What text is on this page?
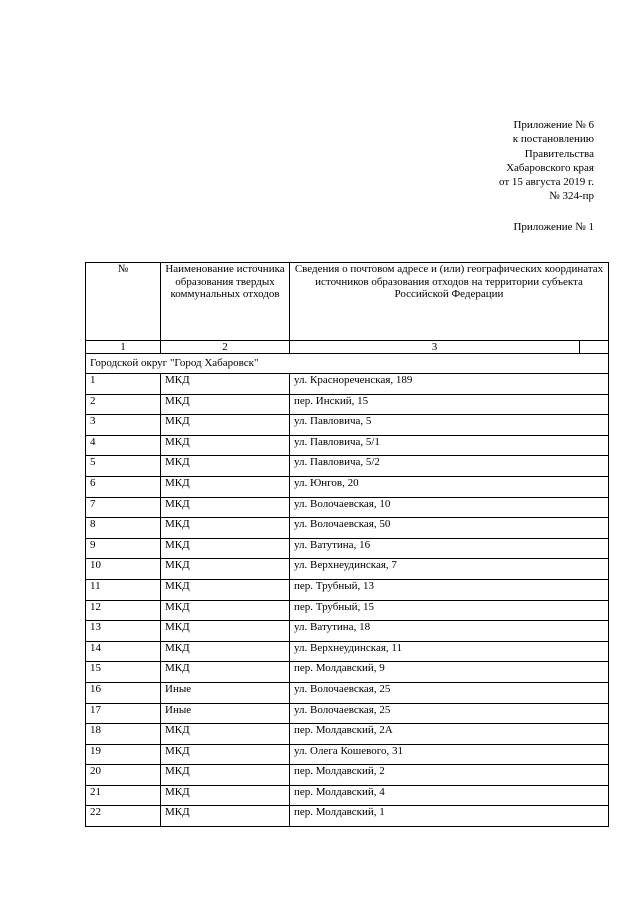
Приложение № 6
к постановлению
Правительства
Хабаровского края
от 15 августа 2019 г.
№ 324-пр
Приложение № 1
№	Наименование источника образования твердых коммунальных отходов	Сведения о почтовом адресе и (или) географических координатах источников образования отходов на территории субъекта Российской Федерации	
1	2	3	
Городской округ "Город Хабаровск"			
1	МКД	ул. Краснореченская, 189	
2	МКД	пер. Инский, 15	
3	МКД	ул. Павловича, 5	
4	МКД	ул. Павловича, 5/1	
5	МКД	ул. Павловича, 5/2	
6	МКД	ул. Юнгов, 20	
7	МКД	ул. Волочаевская, 10	
8	МКД	ул. Волочаевская, 50	
9	МКД	ул. Ватутина, 16	
10	МКД	ул. Верхнеудинская, 7	
11	МКД	пер. Трубный, 13	
12	МКД	пер. Трубный, 15	
13	МКД	ул. Ватутина, 18	
14	МКД	ул. Верхнеудинская, 11	
15	МКД	пер. Молдавский, 9	
16	Иные	ул. Волочаевская, 25	
17	Иные	ул. Волочаевская, 25	
18	МКД	пер. Молдавский, 2А	
19	МКД	ул. Олега Кошевого, 31	
20	МКД	пер. Молдавский, 2	
21	МКД	пер. Молдавский, 4	
22	МКД	пер. Молдавский, 1	
